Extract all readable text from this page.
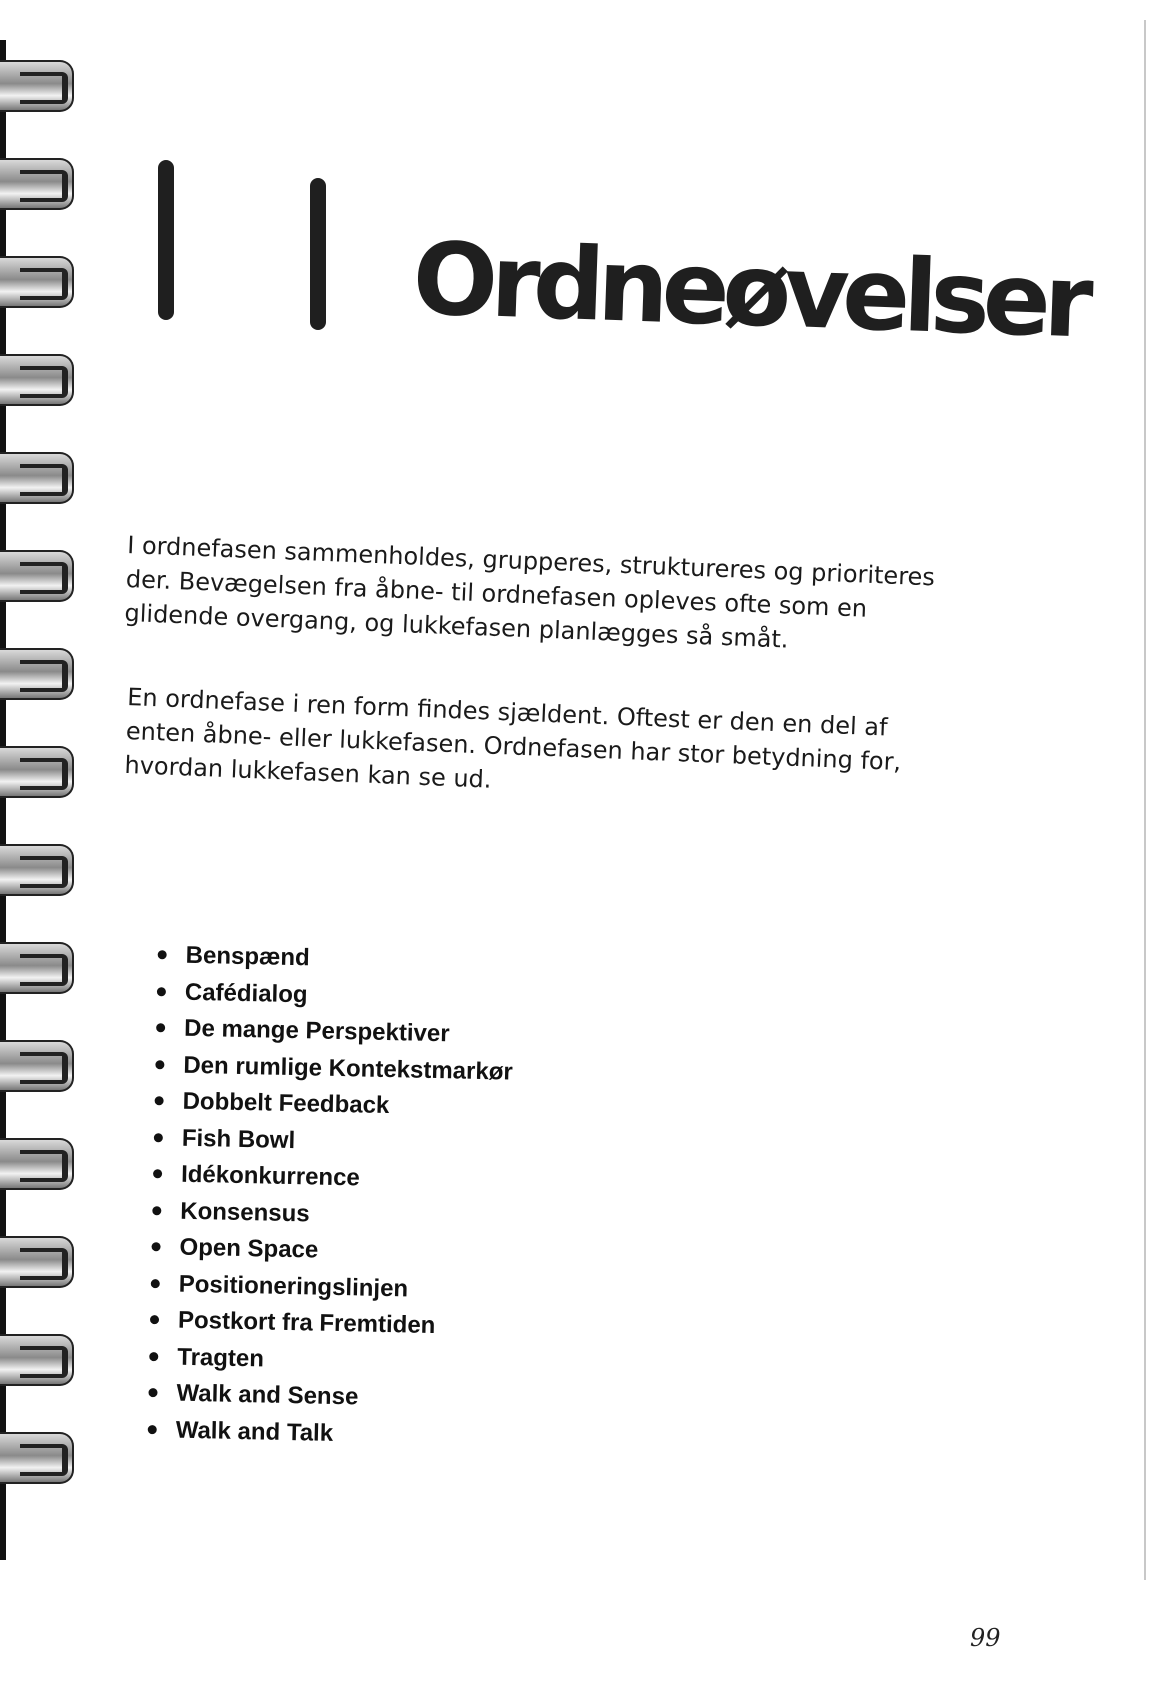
Ordneøvelser

I ordnefasen sammenholdes, grupperes, struktureres og prioriteres der. Bevægelsen fra åbne- til ordnefasen opleves ofte som en glidende overgang, og lukkefasen planlægges så småt.

En ordnefase i ren form findes sjældent. Oftest er den en del af enten åbne- eller lukkefasen. Ordnefasen har stor betydning for, hvordan lukkefasen kan se ud.

Benspænd
Cafédialog
De mange Perspektiver
Den rumlige Kontekstmarkør
Dobbelt Feedback
Fish Bowl
Idékonkurrence
Konsensus
Open Space
Positioneringslinjen
Postkort fra Fremtiden
Tragten
Walk and Sense
Walk and Talk
99
